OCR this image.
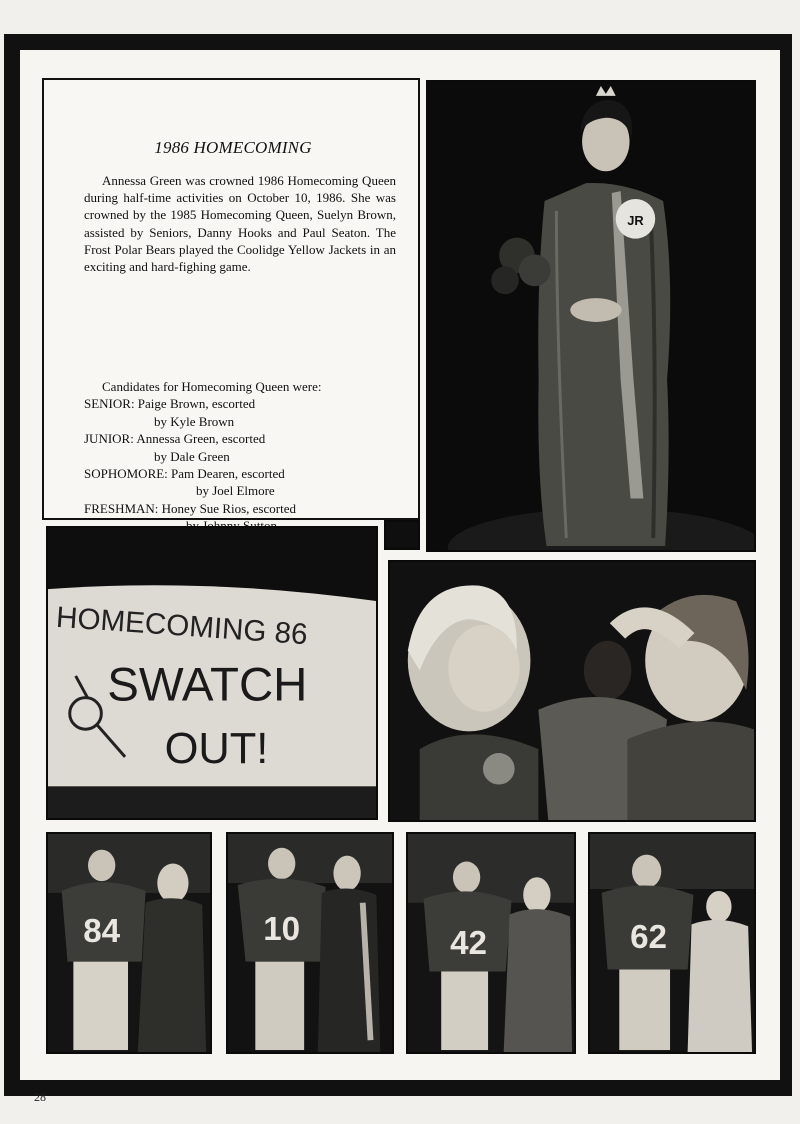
1986 HOMECOMING
Annessa Green was crowned 1986 Homecoming Queen during half-time activities on October 10, 1986. She was crowned by the 1985 Homecoming Queen, Suelyn Brown, assisted by Seniors, Danny Hooks and Paul Seaton. The Frost Polar Bears played the Coolidge Yellow Jackets in an exciting and hard-fighing game.
Candidates for Homecoming Queen were:
SENIOR: Paige Brown, escorted
by Kyle Brown
JUNIOR: Annessa Green, escorted
by Dale Green
SOPHOMORE: Pam Dearen, escorted
by Joel Elmore
FRESHMAN: Honey Sue Rios, escorted
JR
HOMECOMING 86
SWATCH
OUT!
84	10	42	62
28
